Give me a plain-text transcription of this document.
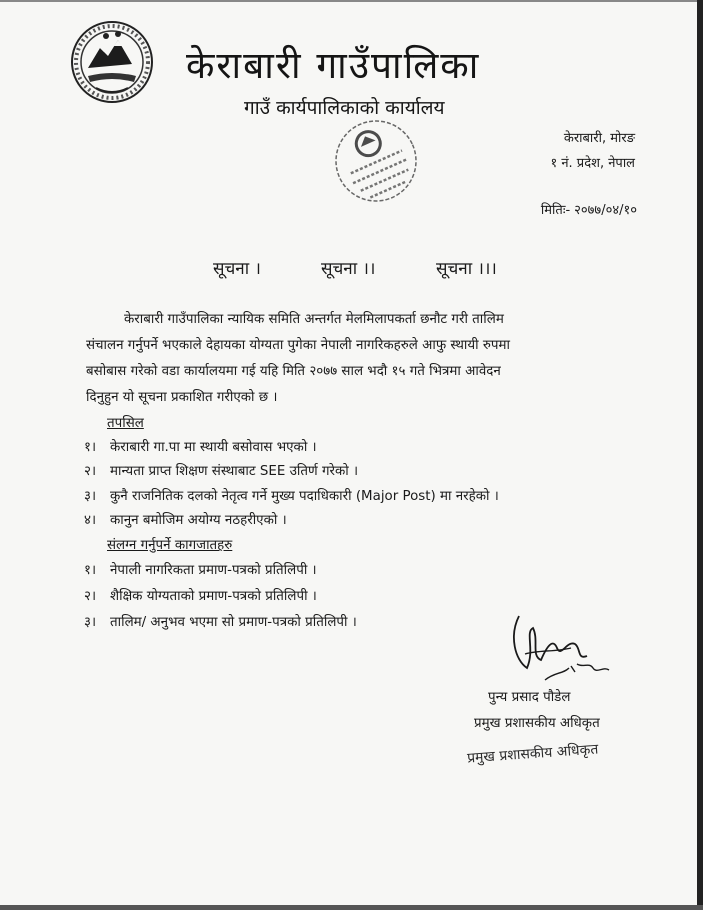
केराबारी गाउँपालिका
गाउँ कार्यपालिकाको कार्यालय
केराबारी, मोरङ
१ नं. प्रदेश, नेपाल
मितिः- २०७७/०४/१०
सूचना ।	सूचना ।।	सूचना ।।।
केराबारी गाउँपालिका न्यायिक समिति अन्तर्गत मेलमिलापकर्ता छनौट गरी तालिम
संचालन गर्नुपर्ने भएकाले देहायका योग्यता पुगेका नेपाली नागरिकहरुले आफु स्थायी रुपमा
बसोबास गरेको वडा कार्यालयमा गई यहि मिति २०७७ साल भदौ १५ गते भित्रमा आवेदन
दिनुहुन यो सूचना प्रकाशित गरीएको छ ।
तपसिल
१। केराबारी गा.पा मा स्थायी बसोवास भएको ।
२। मान्यता प्राप्त शिक्षण संस्थाबाट SEE उतिर्ण गरेको ।
३। कुनै राजनितिक दलको नेतृत्व गर्ने मुख्य पदाधिकारी (Major Post) मा नरहेको ।
४। कानुन बमोजिम अयोग्य नठहरीएको ।
संलग्न गर्नुपर्ने कागजातहरु
१। नेपाली नागरिकता प्रमाण-पत्रको प्रतिलिपी ।
२। शैक्षिक योग्यताको प्रमाण-पत्रको प्रतिलिपी ।
३। तालिम/ अनुभव भएमा सो प्रमाण-पत्रको प्रतिलिपी ।
पुन्य प्रसाद पौडेल
प्रमुख प्रशासकीय अधिकृत
प्रमुख प्रशासकीय अधिकृत
